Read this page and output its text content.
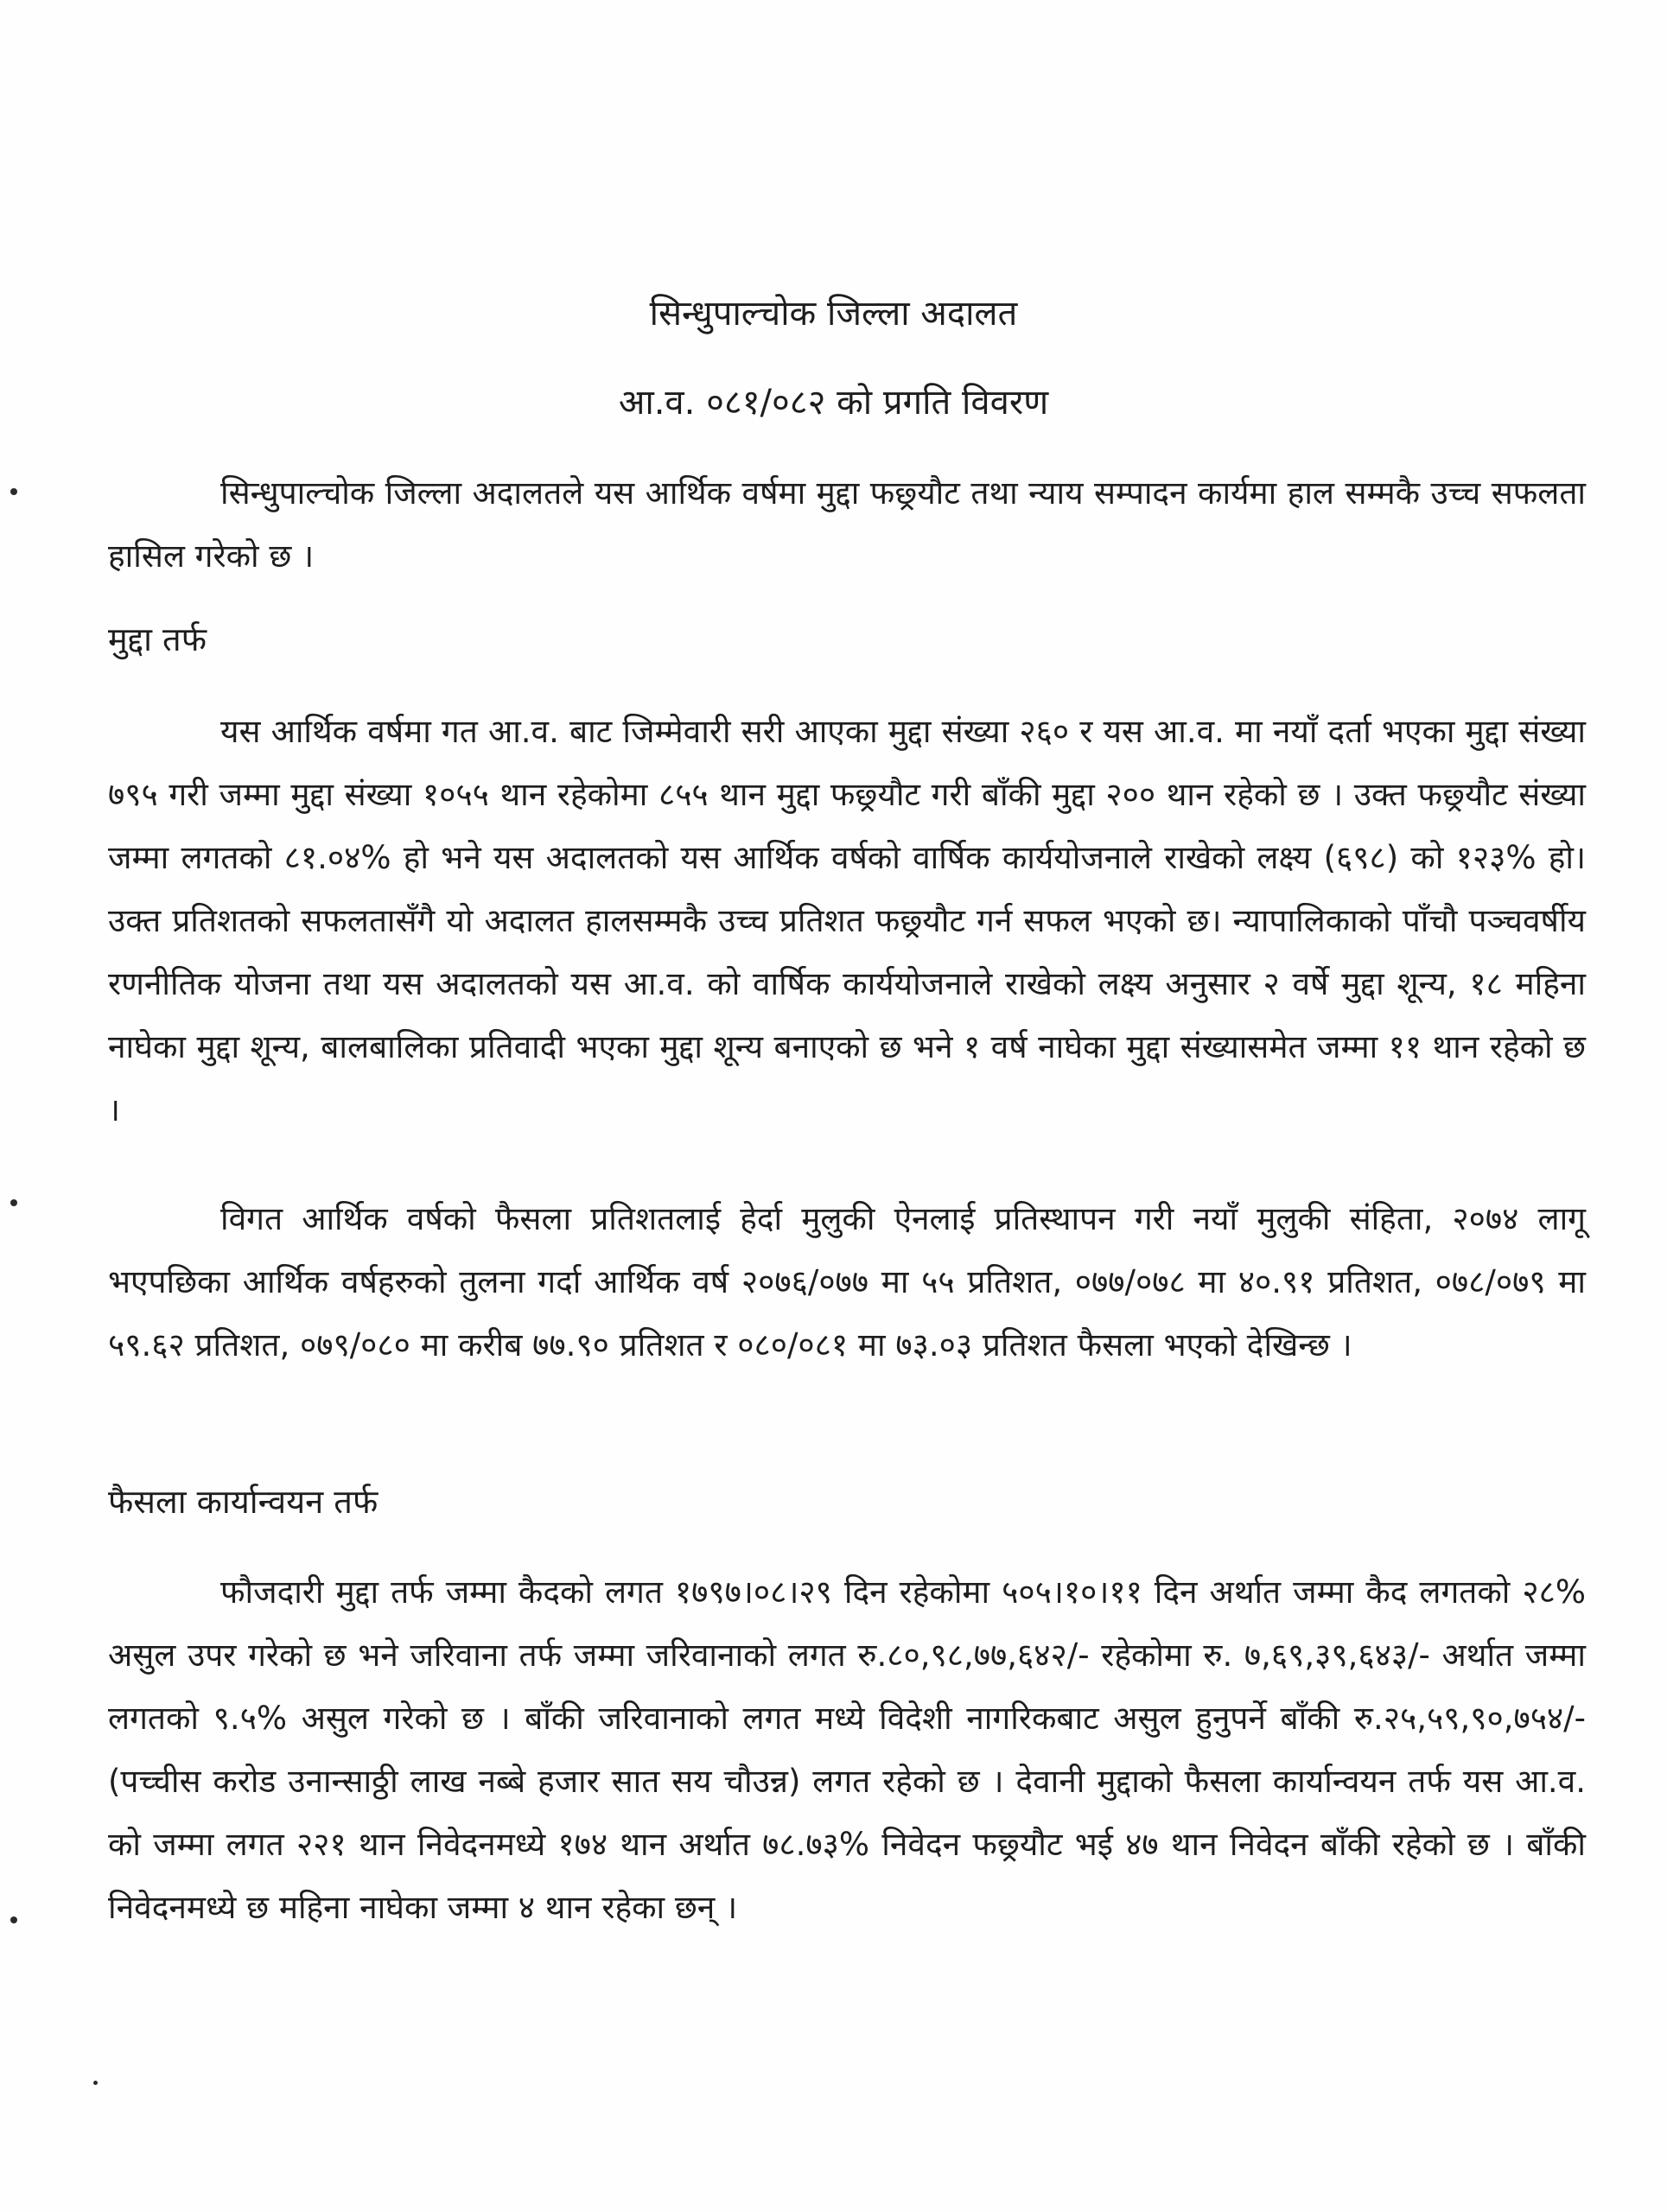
सिन्धुपाल्चोक जिल्ला अदालत
आ.व. ०८१/०८२ को प्रगति विवरण

सिन्धुपाल्चोक जिल्ला अदालतले यस आर्थिक वर्षमा मुद्दा फछ्र्यौट तथा न्याय सम्पादन कार्यमा हाल सम्मकै उच्च सफलता हासिल गरेको छ ।

मुद्दा तर्फ

यस आर्थिक वर्षमा गत आ.व. बाट जिम्मेवारी सरी आएका मुद्दा संख्या २६० र यस आ.व. मा नयाँ दर्ता भएका मुद्दा संख्या ७९५ गरी जम्मा मुद्दा संख्या १०५५ थान रहेकोमा ८५५ थान मुद्दा फछ्र्यौट गरी बाँकी मुद्दा २०० थान रहेको छ । उक्त फछ्र्यौट संख्या जम्मा लगतको ८१.०४% हो भने यस अदालतको यस आर्थिक वर्षको वार्षिक कार्ययोजनाले राखेको लक्ष्य (६९८) को १२३% हो। उक्त प्रतिशतको सफलतासँगै यो अदालत हालसम्मकै उच्च प्रतिशत फछ्र्यौट गर्न सफल भएको छ। न्यापालिकाको पाँचौ पञ्चवर्षीय रणनीतिक योजना तथा यस अदालतको यस आ.व. को वार्षिक कार्ययोजनाले राखेको लक्ष्य अनुसार २ वर्षे मुद्दा शून्य, १८ महिना नाघेका मुद्दा शून्य, बालबालिका प्रतिवादी भएका मुद्दा शून्य बनाएको छ भने १ वर्ष नाघेका मुद्दा संख्यासमेत जम्मा ११ थान रहेको छ ।

विगत आर्थिक वर्षको फैसला प्रतिशतलाई हेर्दा मुलुकी ऐनलाई प्रतिस्थापन गरी नयाँ मुलुकी संहिता, २०७४ लागू भएपछिका आर्थिक वर्षहरुको तुलना गर्दा आर्थिक वर्ष २०७६/०७७ मा ५५ प्रतिशत, ०७७/०७८ मा ४०.९१ प्रतिशत, ०७८/०७९ मा ५९.६२ प्रतिशत, ०७९/०८० मा करीब ७७.९० प्रतिशत र ०८०/०८१ मा ७३.०३ प्रतिशत फैसला भएको देखिन्छ ।

फैसला कार्यान्वयन तर्फ

फौजदारी मुद्दा तर्फ जम्मा कैदको लगत १७९७।०८।२९ दिन रहेकोमा ५०५।१०।११ दिन अर्थात जम्मा कैद लगतको २८% असुल उपर गरेको छ भने जरिवाना तर्फ जम्मा जरिवानाको लगत रु.८०,९८,७७,६४२/- रहेकोमा रु. ७,६९,३९,६४३/- अर्थात जम्मा लगतको ९.५% असुल गरेको छ । बाँकी जरिवानाको लगत मध्ये विदेशी नागरिकबाट असुल हुनुपर्ने बाँकी रु.२५,५९,९०,७५४/- (पच्चीस करोड उनान्साठ्ठी लाख नब्बे हजार सात सय चौउन्न) लगत रहेको छ । देवानी मुद्दाको फैसला कार्यान्वयन तर्फ यस आ.व. को जम्मा लगत २२१ थान निवेदनमध्ये १७४ थान अर्थात ७८.७३% निवेदन फछ्र्यौट भई ४७ थान निवेदन बाँकी रहेको छ । बाँकी निवेदनमध्ये छ महिना नाघेका जम्मा ४ थान रहेका छन् ।
